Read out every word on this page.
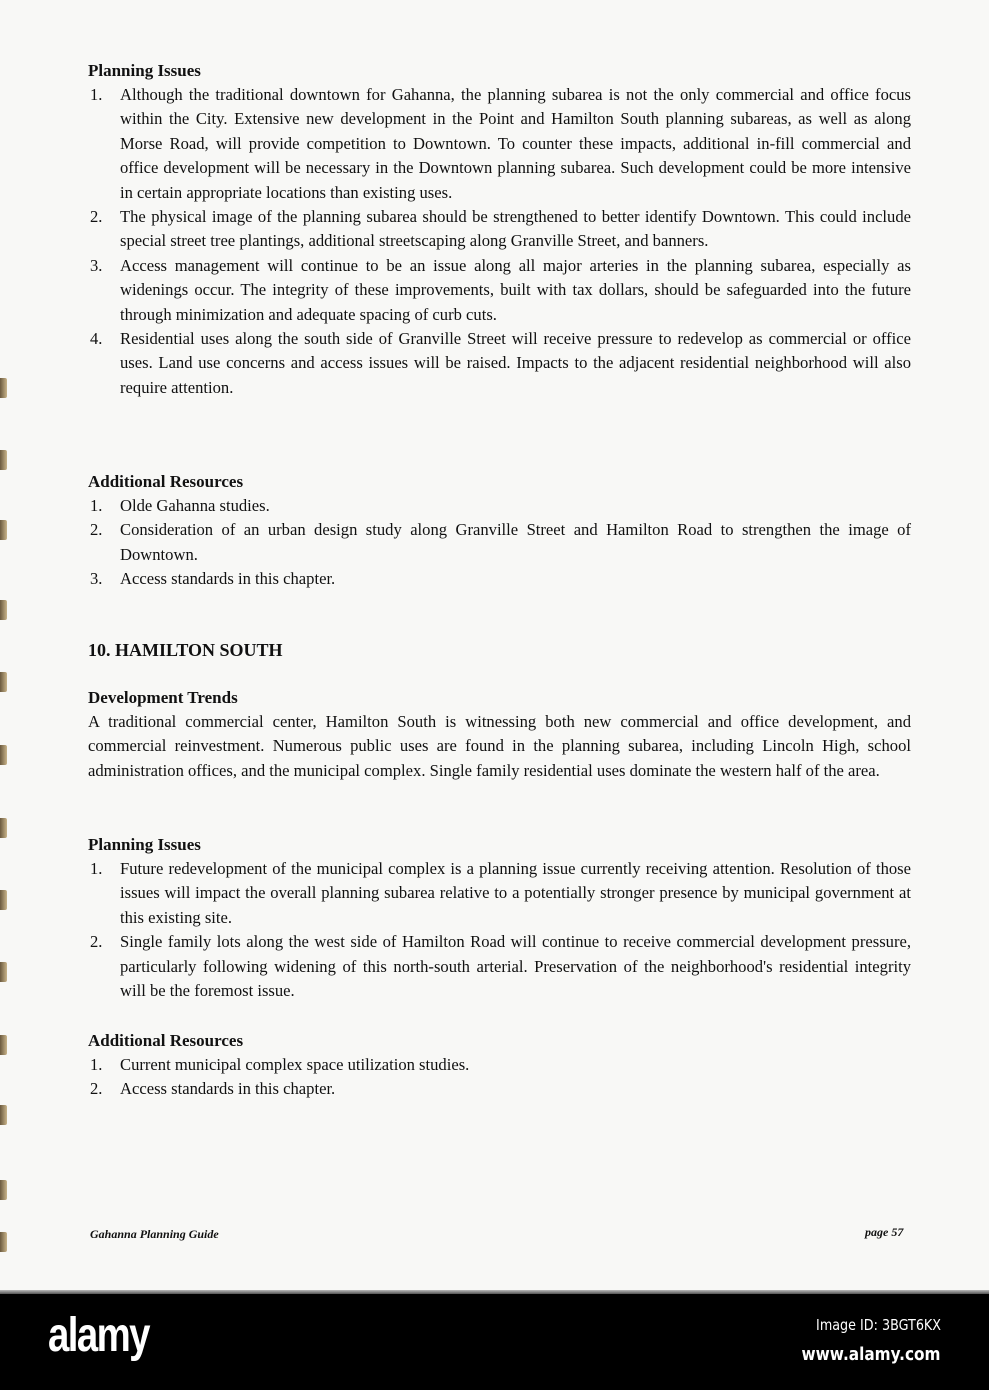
Planning Issues
1. Although the traditional downtown for Gahanna, the planning subarea is not the only commercial and office focus within the City. Extensive new development in the Point and Hamilton South planning subareas, as well as along Morse Road, will provide competition to Downtown. To counter these impacts, additional in-fill commercial and office development will be necessary in the Downtown planning subarea. Such development could be more intensive in certain appropriate locations than existing uses.
2. The physical image of the planning subarea should be strengthened to better identify Downtown. This could include special street tree plantings, additional streetscaping along Granville Street, and banners.
3. Access management will continue to be an issue along all major arteries in the planning subarea, especially as widenings occur. The integrity of these improvements, built with tax dollars, should be safeguarded into the future through minimization and adequate spacing of curb cuts.
4. Residential uses along the south side of Granville Street will receive pressure to redevelop as commercial or office uses. Land use concerns and access issues will be raised. Impacts to the adjacent residential neighborhood will also require attention.
Additional Resources
1. Olde Gahanna studies.
2. Consideration of an urban design study along Granville Street and Hamilton Road to strengthen the image of Downtown.
3. Access standards in this chapter.
10. HAMILTON SOUTH
Development Trends

A traditional commercial center, Hamilton South is witnessing both new commercial and office development, and commercial reinvestment. Numerous public uses are found in the planning subarea, including Lincoln High, school administration offices, and the municipal complex. Single family residential uses dominate the western half of the area.

Planning Issues
1. Future redevelopment of the municipal complex is a planning issue currently receiving attention. Resolution of those issues will impact the overall planning subarea relative to a potentially stronger presence by municipal government at this existing site.
2. Single family lots along the west side of Hamilton Road will continue to receive commercial development pressure, particularly following widening of this north-south arterial. Preservation of the neighborhood's residential integrity will be the foremost issue.
Additional Resources
1. Current municipal complex space utilization studies.
2. Access standards in this chapter.
Gahanna Planning Guide	page 57
alamy	Image ID: 3BGT6KX
www.alamy.com
